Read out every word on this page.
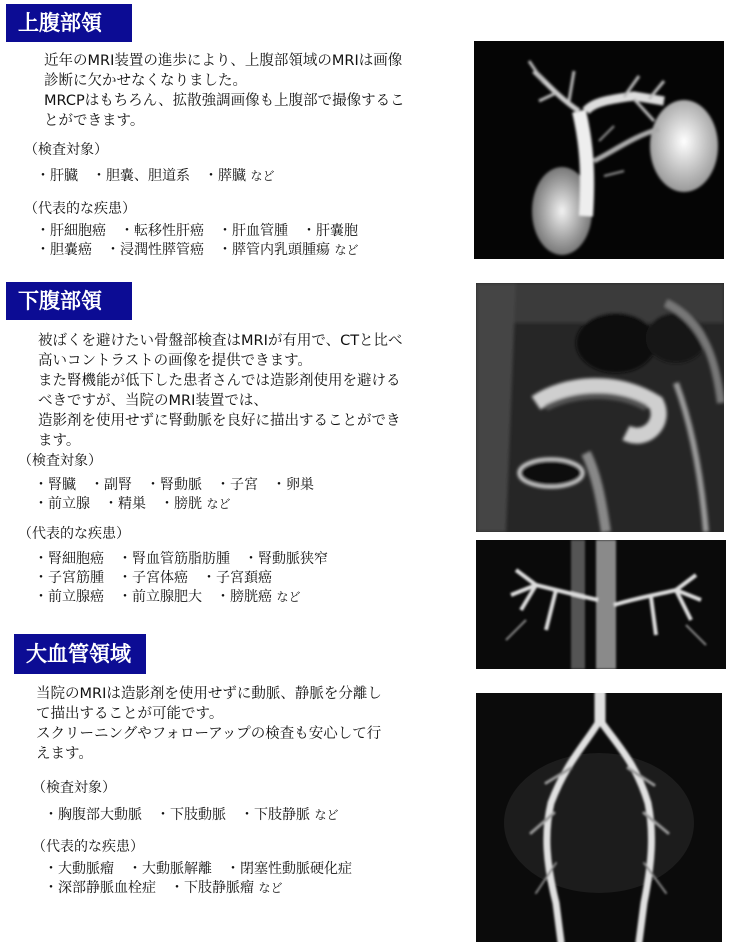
上腹部領域 近年のMRI装置の進歩により、上腹部領域のMRIは画像
診断に欠かせなくなりました。
MRCPはもちろん、拡散強調画像も上腹部で撮像するこ
とができます。
（検査対象）
・肝臓　・胆嚢、胆道系　・膵臓 など
（代表的な疾患）
・肝細胞癌　・転移性肝癌　・肝血管腫　・肝嚢胞
・胆嚢癌　・浸潤性膵管癌　・膵管内乳頭腫瘍 など
下腹部領域 被ばくを避けたい骨盤部検査はMRIが有用で、CTと比べ
高いコントラストの画像を提供できます。
また腎機能が低下した患者さんでは造影剤使用を避ける
べきですが、当院のMRI装置では、
造影剤を使用せずに腎動脈を良好に描出することができ
ます。
（検査対象）
・腎臓　・副腎　・腎動脈　・子宮　・卵巣
・前立腺　・精巣　・膀胱 など
（代表的な疾患）
・腎細胞癌　・腎血管筋脂肪腫　・腎動脈狭窄
・子宮筋腫　・子宮体癌　・子宮頚癌
・前立腺癌　・前立腺肥大　・膀胱癌 など
大血管領域
当院のMRIは造影剤を使用せずに動脈、静脈を分離し
て描出することが可能です。
スクリーニングやフォローアップの検査も安心して行
えます。
（検査対象）
・胸腹部大動脈　・下肢動脈　・下肢静脈 など
（代表的な疾患）
・大動脈瘤　・大動脈解離　・閉塞性動脈硬化症
・深部静脈血栓症　・下肢静脈瘤 など
